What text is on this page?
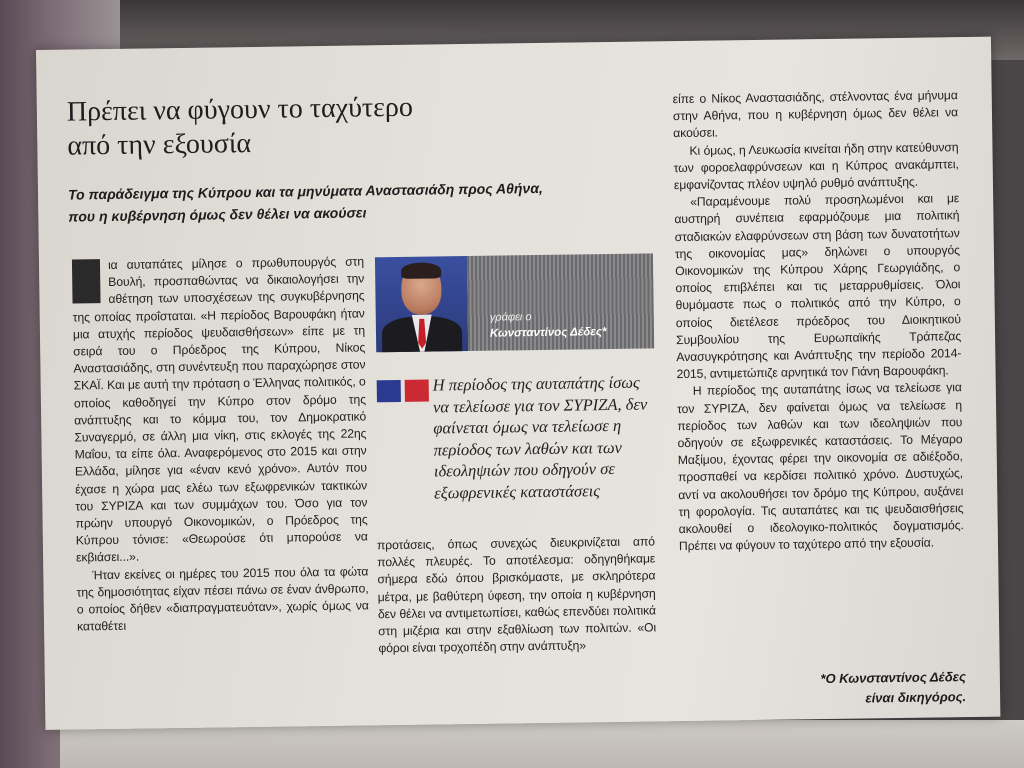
Πρέπει να φύγουν το ταχύτερο
από την εξουσία

Το παράδειγμα της Κύπρου και τα μηνύματα Αναστασιάδη προς Αθήνα,
που η κυβέρνηση όμως δεν θέλει να ακούσει

ια αυταπάτες μίλησε ο πρωθυπουργός στη Βουλή, προσπαθώντας να δικαιολογήσει την αθέτηση των υποσχέσεων της συγκυβέρνησης της οποίας προΐσταται. «Η περίοδος Βαρουφάκη ήταν μια ατυχής περίοδος ψευδαισθήσεων» είπε με τη σειρά του ο Πρόεδρος της Κύπρου, Νίκος Αναστασιάδης, στη συνέντευξη που παραχώρησε στον ΣΚΑΪ. Και με αυτή την πρόταση ο Έλληνας πολιτικός, ο οποίος καθοδηγεί την Κύπρο στον δρόμο της ανάπτυξης και το κόμμα του, τον Δημοκρατικό Συναγερμό, σε άλλη μια νίκη, στις εκλογές της 22ης Μαΐου, τα είπε όλα. Αναφερόμενος στο 2015 και στην Ελλάδα, μίλησε για «έναν κενό χρόνο». Αυτόν που έχασε η χώρα μας ελέω των εξωφρενικών τακτικών του ΣΥΡΙΖΑ και των συμμάχων του. Όσο για τον πρώην υπουργό Οικονομικών, ο Πρόεδρος της Κύπρου τόνισε: «Θεωρούσε ότι μπορούσε να εκβιάσει...».

Ήταν εκείνες οι ημέρες του 2015 που όλα τα φώτα της δημοσιότητας είχαν πέσει πάνω σε έναν άνθρωπο, ο οποίος δήθεν «διαπραγματευόταν», χωρίς όμως να καταθέτει

γράφει ο
Κωνσταντίνος Δέδες*

Η περίοδος της αυταπάτης ίσως να τελείωσε για τον ΣΥΡΙΖΑ, δεν φαίνεται όμως να τελείωσε η περίοδος των λαθών και των ιδεοληψιών που οδηγούν σε εξωφρενικές καταστάσεις

προτάσεις, όπως συνεχώς διευκρινίζεται από πολλές πλευρές. Το αποτέλεσμα: οδηγηθήκαμε σήμερα εδώ όπου βρισκόμαστε, με σκληρότερα μέτρα, με βαθύτερη ύφεση, την οποία η κυβέρνηση δεν θέλει να αντιμετωπίσει, καθώς επενδύει πολιτικά στη μιζέρια και στην εξαθλίωση των πολιτών. «Οι φόροι είναι τροχοπέδη στην ανάπτυξη»

είπε ο Νίκος Αναστασιάδης, στέλνοντας ένα μήνυμα στην Αθήνα, που η κυβέρνηση όμως δεν θέλει να ακούσει.

Κι όμως, η Λευκωσία κινείται ήδη στην κατεύθυνση των φοροελαφρύνσεων και η Κύπρος ανακάμπτει, εμφανίζοντας πλέον υψηλό ρυθμό ανάπτυξης.

«Παραμένουμε πολύ προσηλωμένοι και με αυστηρή συνέπεια εφαρμόζουμε μια πολιτική σταδιακών ελαφρύνσεων στη βάση των δυνατοτήτων της οικονομίας μας» δηλώνει ο υπουργός Οικονομικών της Κύπρου Χάρης Γεωργιάδης, ο οποίος επιβλέπει και τις μεταρρυθμίσεις. Όλοι θυμόμαστε πως ο πολιτικός από την Κύπρο, ο οποίος διετέλεσε πρόεδρος του Διοικητικού Συμβουλίου της Ευρωπαϊκής Τράπεζας Ανασυγκρότησης και Ανάπτυξης την περίοδο 2014-2015, αντιμετώπιζε αρνητικά τον Γιάνη Βαρουφάκη.

Η περίοδος της αυταπάτης ίσως να τελείωσε για τον ΣΥΡΙΖΑ, δεν φαίνεται όμως να τελείωσε η περίοδος των λαθών και των ιδεοληψιών που οδηγούν σε εξωφρενικές καταστάσεις. Το Μέγαρο Μαξίμου, έχοντας φέρει την οικονομία σε αδιέξοδο, προσπαθεί να κερδίσει πολιτικό χρόνο. Δυστυχώς, αντί να ακολουθήσει τον δρόμο της Κύπρου, αυξάνει τη φορολογία. Τις αυταπάτες και τις ψευδαισθήσεις ακολουθεί ο ιδεολογικο-πολιτικός δογματισμός. Πρέπει να φύγουν το ταχύτερο από την εξουσία.

*Ο Κωνσταντίνος Δέδες
είναι δικηγόρος.
